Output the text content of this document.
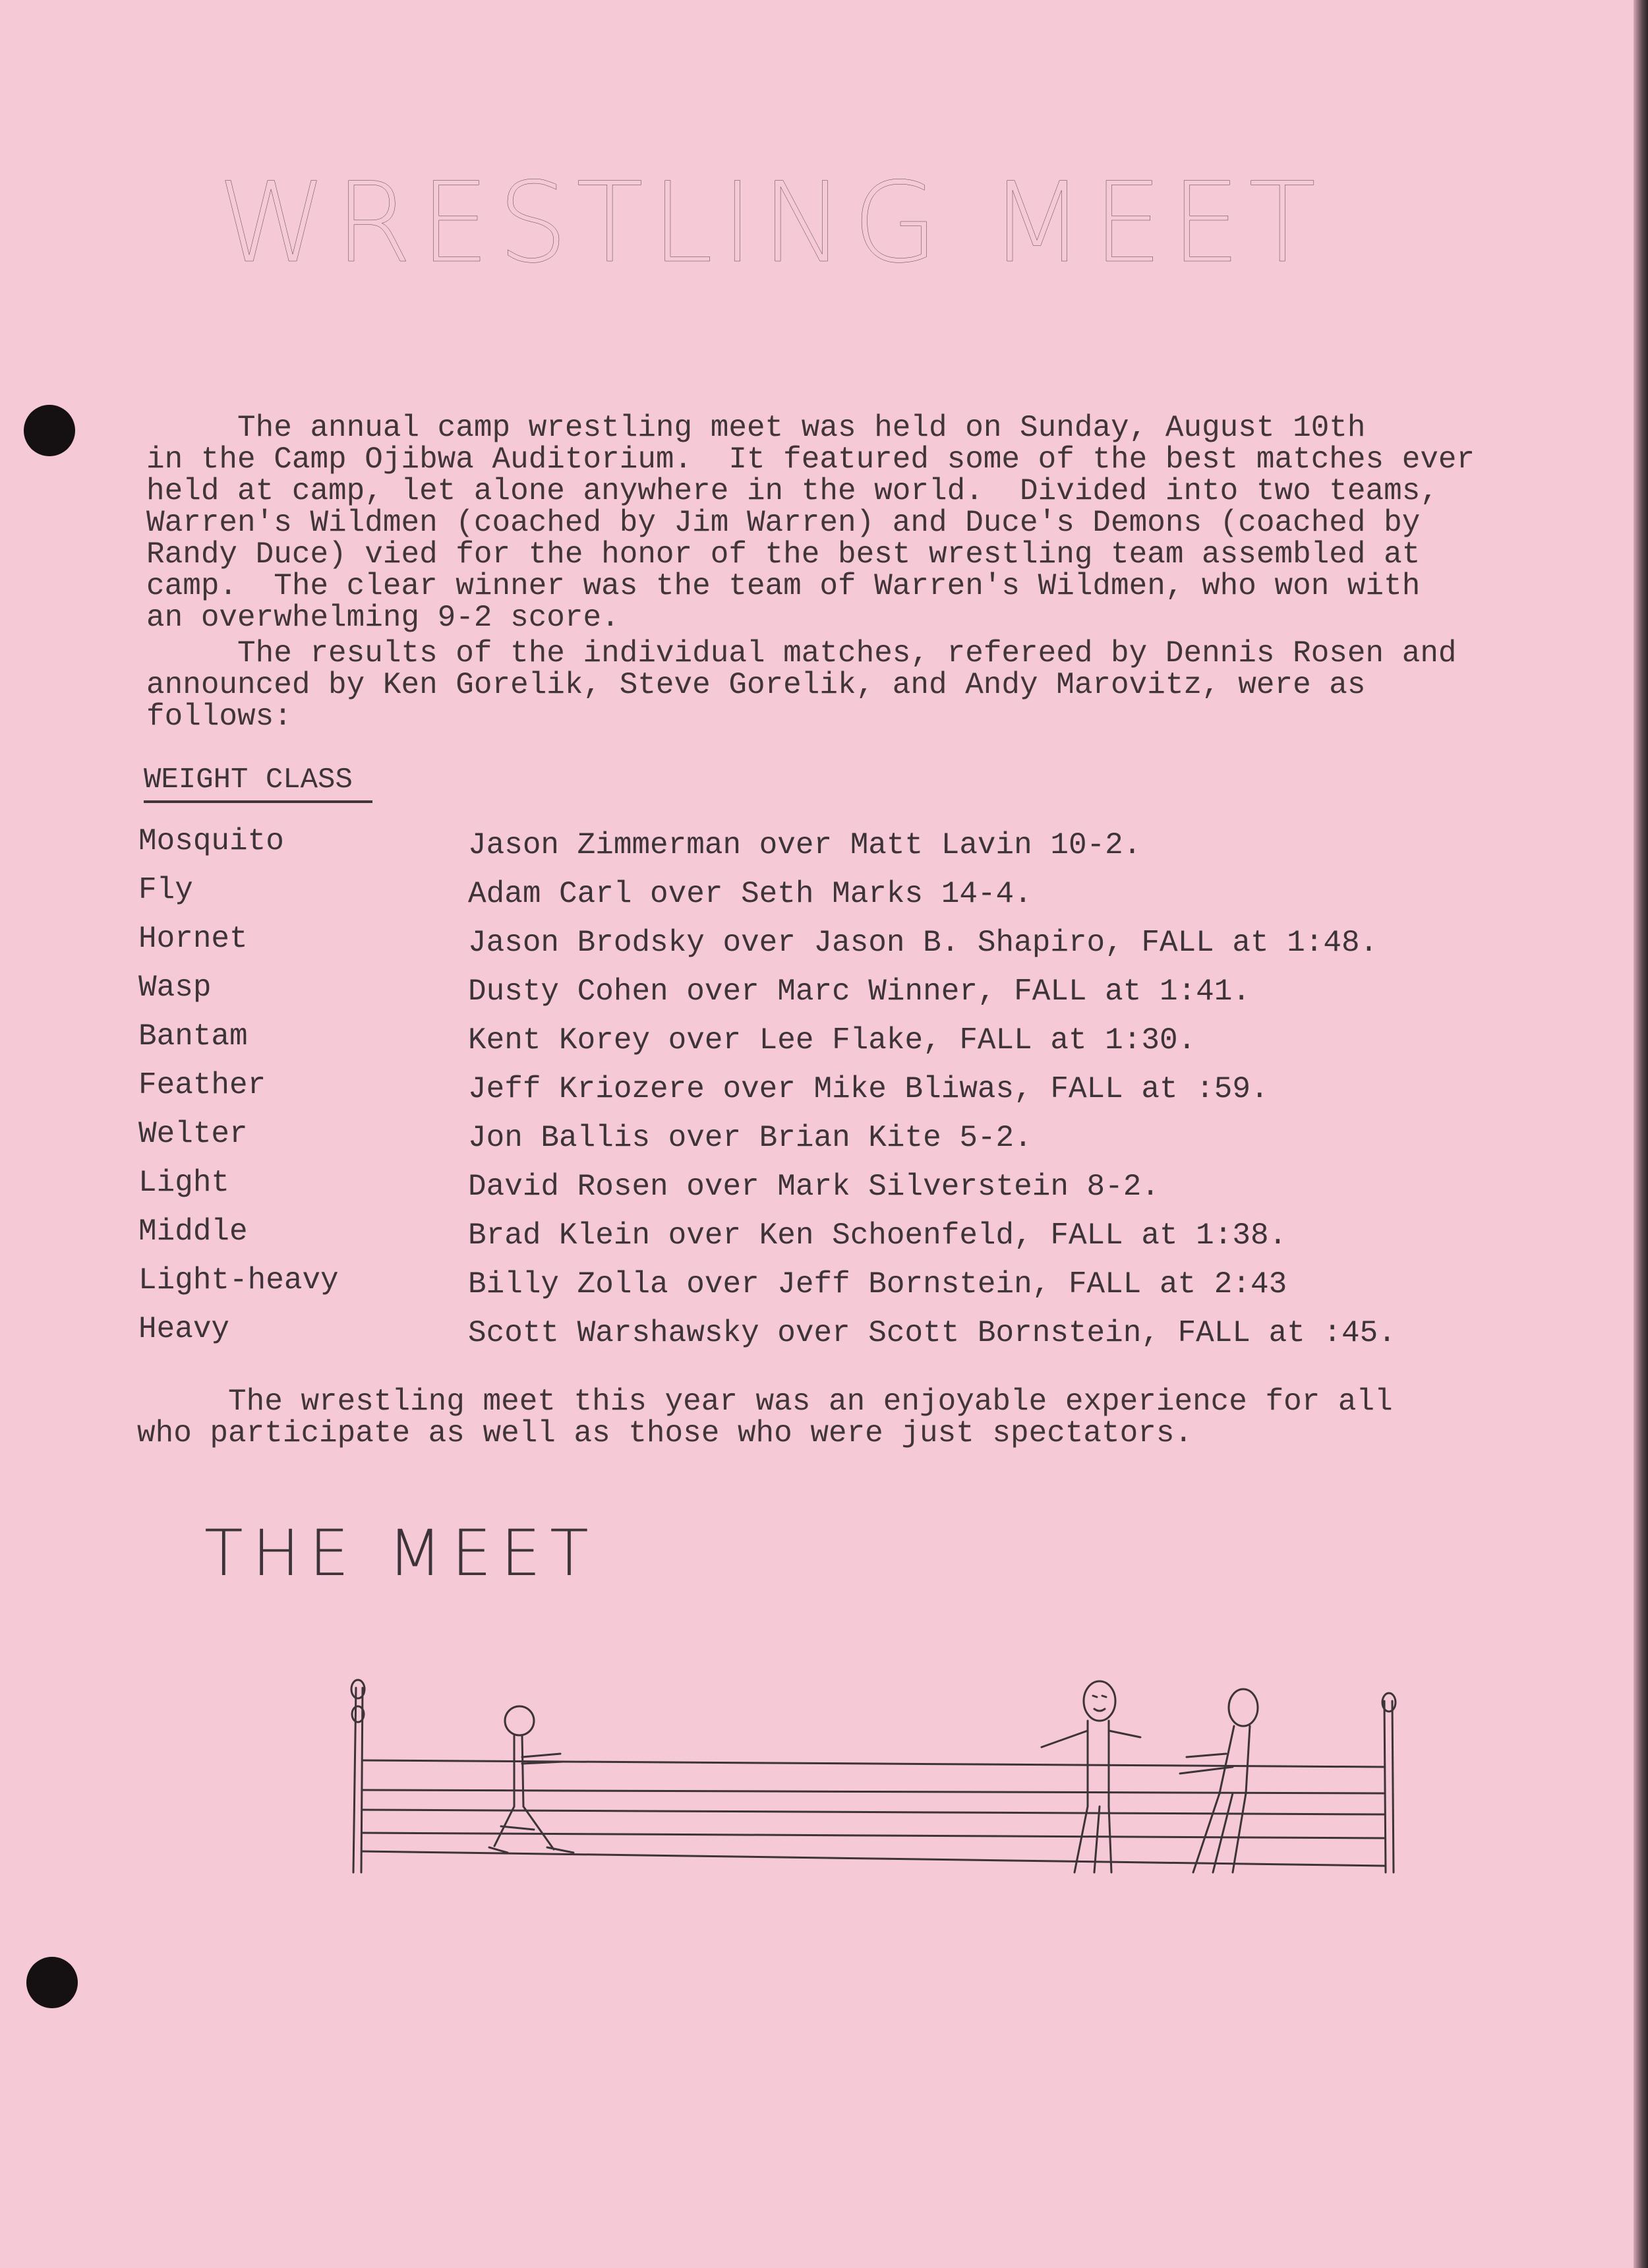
WRESTLING MEET
The annual camp wrestling meet was held on Sunday, August 10th
in the Camp Ojibwa Auditorium.  It featured some of the best matches ever
held at camp, let alone anywhere in the world.  Divided into two teams,
Warren's Wildmen (coached by Jim Warren) and Duce's Demons (coached by
Randy Duce) vied for the honor of the best wrestling team assembled at
camp.  The clear winner was the team of Warren's Wildmen, who won with
an overwhelming 9-2 score.
The results of the individual matches, refereed by Dennis Rosen and
announced by Ken Gorelik, Steve Gorelik, and Andy Marovitz, were as
follows:
WEIGHT CLASS
Mosquito	Jason Zimmerman over Matt Lavin 10-2.
Fly	Adam Carl over Seth Marks 14-4.
Hornet	Jason Brodsky over Jason B. Shapiro, FALL at 1:48.
Wasp	Dusty Cohen over Marc Winner, FALL at 1:41.
Bantam	Kent Korey over Lee Flake, FALL at 1:30.
Feather	Jeff Kriozere over Mike Bliwas, FALL at :59.
Welter	Jon Ballis over Brian Kite 5-2.
Light	David Rosen over Mark Silverstein 8-2.
Middle	Brad Klein over Ken Schoenfeld, FALL at 1:38.
Light-heavy	Billy Zolla over Jeff Bornstein, FALL at 2:43
Heavy	Scott Warshawsky over Scott Bornstein, FALL at :45.
The wrestling meet this year was an enjoyable experience for all
who participate as well as those who were just spectators.
THE MEET
